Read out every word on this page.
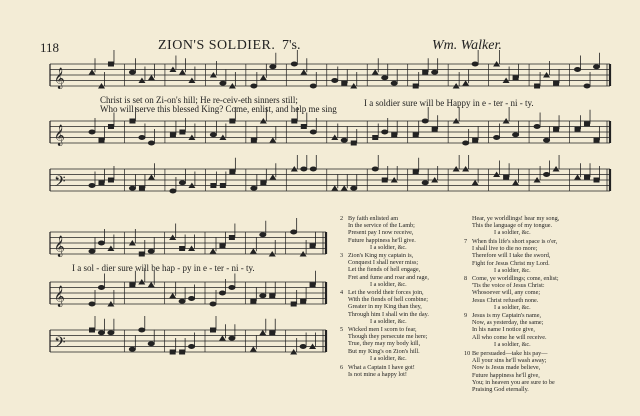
118	ZION'S SOLDIER. 7's.	Wm. Walker.
𝄞
𝄞
𝄢
Christ is set on Zi-on's hill; He re-ceiv-eth sinners still;
Who will serve this blessed King? Come, enlist, and help me sing
I a soldier sure will be Happy in e - ter - ni - ty.
𝄞
𝄞
𝄢
I a sol - dier sure will be hap - py in e - ter - ni - ty.
2 By faith enlisted am
In the service of the Lamb;
Present pay I now receive,
Future happiness he'll give.
I a soldier, &c.
3 Zion's King my captain is,
Conquest I shall never miss;
Let the fiends of hell engage,
Fret and fume and roar and rage,
I a soldier, &c.
4 Let the world their forces join,
With the fiends of hell combine;
Greater in my King than they,
Through him I shall win the day.
I a soldier, &c.
5 Wicked men I scorn to fear,
Though they persecute me here;
True, they may my body kill,
But my King's on Zion's hill.
I a soldier, &c.
6 What a Captain I have got!
Is not mine a happy lot!
Hear, ye worldlings! hear my song,
This the language of my tongue.
I a soldier, &c.
7 When this life's short space is o'er,
I shall live to die no more;
Therefore will I take the sword,
Fight for Jesus Christ my Lord.
I a soldier, &c.
8 Come, ye worldlings; come, enlist;
'Tis the voice of Jesus Christ:
Whosoever will, any come;
Jesus Christ refuseth none.
I a soldier, &c.
9 Jesus is my Captain's name,
Now, as yesterday, the same;
In his name I notice give,
All who come he will receive.
I a soldier, &c.
10 Be persuaded—take his pay—
All your sins he'll wash away;
Now is Jesus made believe,
Future happiness he'll give,
You; in heaven you are sure to be
Praising God eternally.
